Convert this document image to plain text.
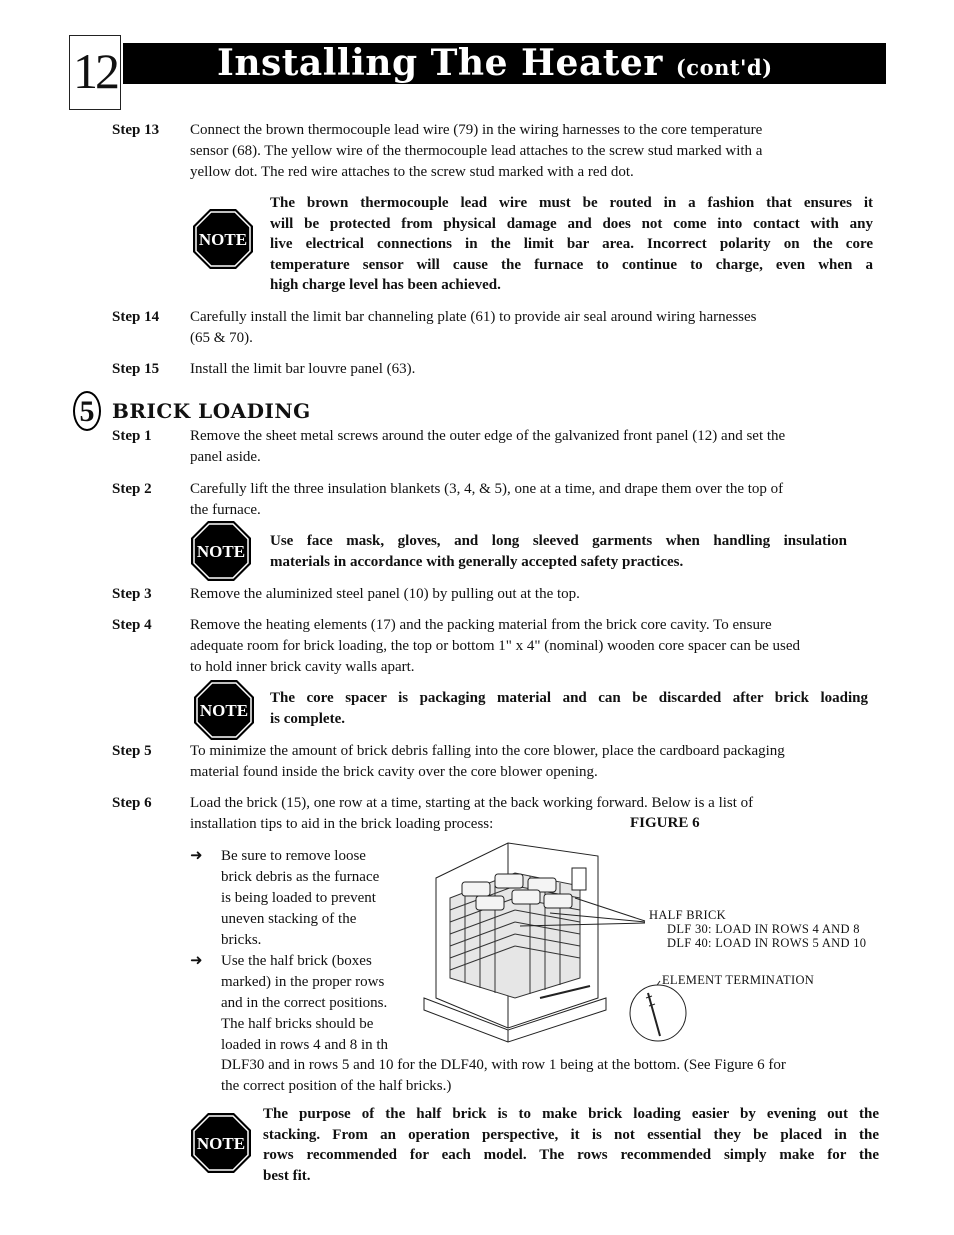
12	Installing The Heater (cont'd)
Step 13	Connect the brown thermocouple lead wire (79) in the wiring harnesses to the core temperature
sensor (68). The yellow wire of the thermocouple lead attaches to the screw stud marked with a
yellow dot. The red wire attaches to the screw stud marked with a red dot.
NOTE
The brown thermocouple lead wire must be routed in a fashion that ensures it
will be protected from physical damage and does not come into contact with any
live electrical connections in the limit bar area. Incorrect polarity on the core
temperature sensor will cause the furnace to continue to charge, even when a
high charge level has been achieved.
Step 14	Carefully install the limit bar channeling plate (61) to provide air seal around wiring harnesses
(65 & 70).
Step 15	Install the limit bar louvre panel (63).
5 BRICK LOADING
Step 1	Remove the sheet metal screws around the outer edge of the galvanized front panel (12) and set the
panel aside.
Step 2	Carefully lift the three insulation blankets (3, 4, & 5), one at a time, and drape them over the top of
the furnace.
NOTE
Use face mask, gloves, and long sleeved garments when handling insulation
materials in accordance with generally accepted safety practices.
Step 3	Remove the aluminized steel panel (10) by pulling out at the top.
Step 4	Remove the heating elements (17) and the packing material from the brick core cavity. To ensure
adequate room for brick loading, the top or bottom 1" x 4" (nominal) wooden core spacer can be used
to hold inner brick cavity walls apart.
NOTE
The core spacer is packaging material and can be discarded after brick loading
is complete.
Step 5	To minimize the amount of brick debris falling into the core blower, place the cardboard packaging
material found inside the brick cavity over the core blower opening.
Step 6	Load the brick (15), one row at a time, starting at the back working forward. Below is a list of
installation tips to aid in the brick loading process:	FIGURE 6
➜ Be sure to remove loose
brick debris as the furnace
is being loaded to prevent
uneven stacking of the
bricks.
➜ Use the half brick (boxes
marked) in the proper rows
and in the correct positions.
The half bricks should be
loaded in rows 4 and 8 in th
DLF30 and in rows 5 and 10 for the DLF40, with row 1 being at the bottom. (See Figure 6 for
the correct position of the half bricks.)
HALF BRICK
DLF 30: LOAD IN ROWS 4 AND 8
DLF 40: LOAD IN ROWS 5 AND 10
ELEMENT TERMINATION
NOTE
The purpose of the half brick is to make brick loading easier by evening out the
stacking. From an operation perspective, it is not essential they be placed in the
rows recommended for each model. The rows recommended simply make for the
best fit.
